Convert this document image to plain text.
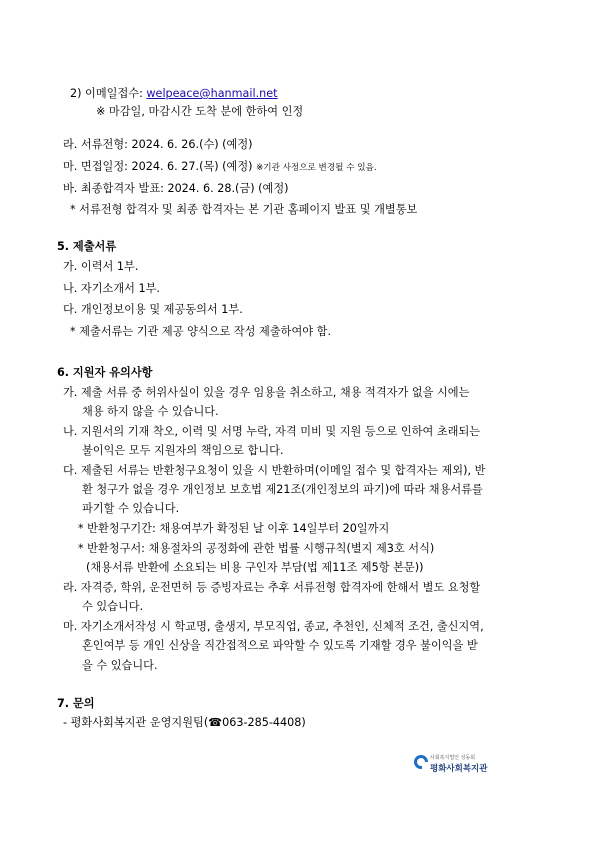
2) 이메일접수: welpeace@hanmail.net
※ 마감일, 마감시간 도착 분에 한하여 인정
라. 서류전형: 2024. 6. 26.(수) (예정)
마. 면접일정: 2024. 6. 27.(목) (예정) ※기관 사정으로 변경될 수 있음.
바. 최종합격자 발표: 2024. 6. 28.(금) (예정)
* 서류전형 합격자 및 최종 합격자는 본 기관 홈페이지 발표 및 개별통보
5. 제출서류
가. 이력서 1부.
나. 자기소개서 1부.
다. 개인정보이용 및 제공동의서 1부.
* 제출서류는 기관 제공 양식으로 작성 제출하여야 함.
6. 지원자 유의사항
가. 제출 서류 중 허위사실이 있을 경우 임용을 취소하고, 채용 적격자가 없을 시에는
채용 하지 않을 수 있습니다.
나. 지원서의 기재 착오, 이력 및 서명 누락, 자격 미비 및 지원 등으로 인하여 초래되는
불이익은 모두 지원자의 책임으로 합니다.
다. 제출된 서류는 반환청구요청이 있을 시 반환하며(이메일 접수 및 합격자는 제외), 반
환 청구가 없을 경우 개인정보 보호법 제21조(개인정보의 파기)에 따라 채용서류를
파기할 수 있습니다.
* 반환청구기간: 채용여부가 확정된 날 이후 14일부터 20일까지
* 반환청구서: 채용절차의 공정화에 관한 법률 시행규칙(별지 제3호 서식)
(채용서류 반환에 소요되는 비용 구인자 부담(법 제11조 제5항 본문))
라. 자격증, 학위, 운전면허 등 증빙자료는 추후 서류전형 합격자에 한해서 별도 요청할
수 있습니다.
마. 자기소개서작성 시 학교명, 출생지, 부모직업, 종교, 추천인, 신체적 조건, 출신지역,
혼인여부 등 개인 신상을 직간접적으로 파악할 수 있도록 기재할 경우 불이익을 받
을 수 있습니다.
7. 문의
- 평화사회복지관 운영지원팀(☎063-285-4408)
사회복지법인 성동회
평화사회복지관
